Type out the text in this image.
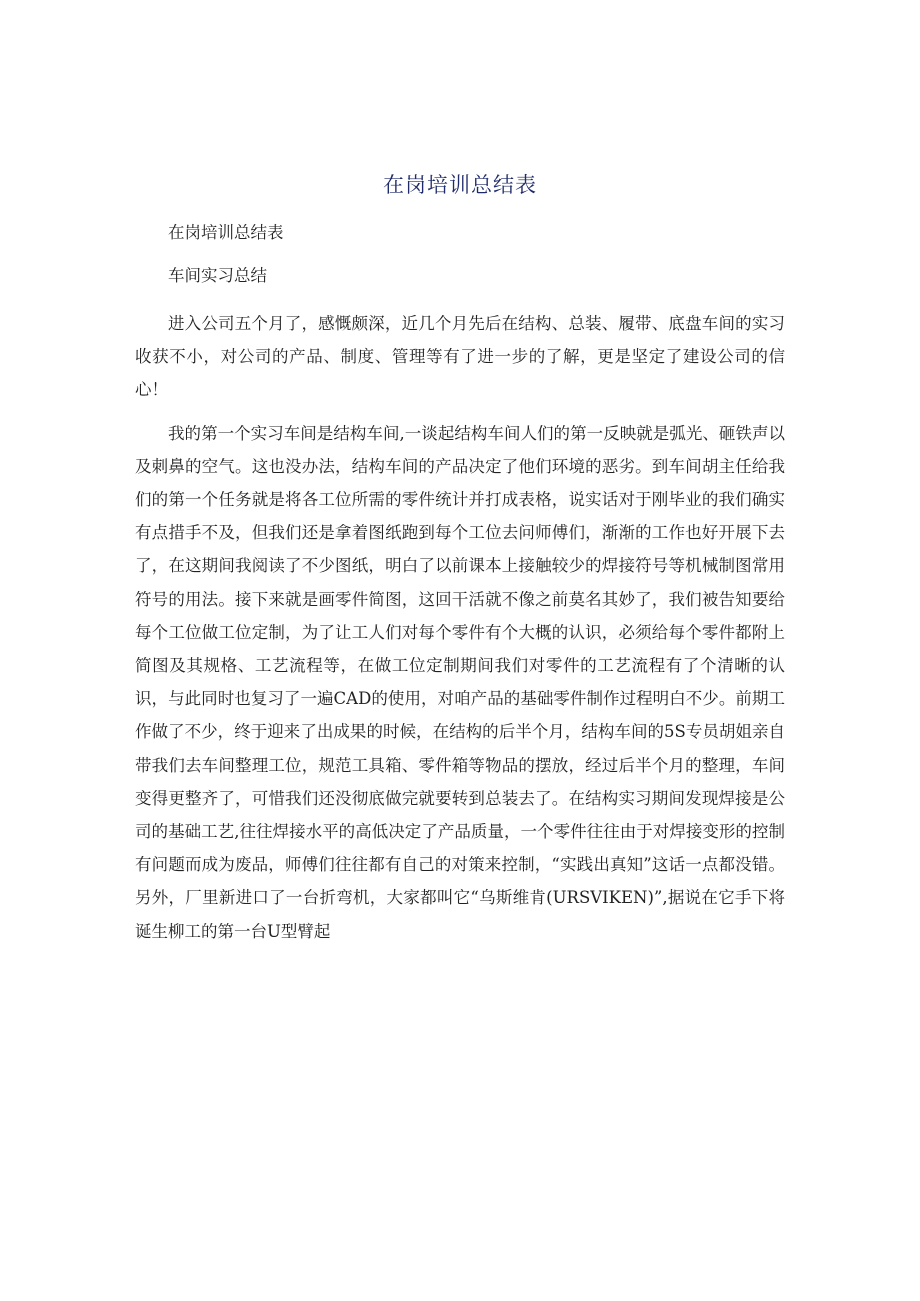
在岗培训总结表

在岗培训总结表

车间实习总结

进入公司五个月了，感慨颇深，近几个月先后在结构、总装、履带、底盘车间的实习收获不小，对公司的产品、制度、管理等有了进一步的了解，更是坚定了建设公司的信心！

我的第一个实习车间是结构车间,一谈起结构车间人们的第一反映就是弧光、砸铁声以及刺鼻的空气。这也没办法，结构车间的产品决定了他们环境的恶劣。到车间胡主任给我们的第一个任务就是将各工位所需的零件统计并打成表格，说实话对于刚毕业的我们确实有点措手不及，但我们还是拿着图纸跑到每个工位去问师傅们，渐渐的工作也好开展下去了，在这期间我阅读了不少图纸，明白了以前课本上接触较少的焊接符号等机械制图常用符号的用法。接下来就是画零件简图，这回干活就不像之前莫名其妙了，我们被告知要给每个工位做工位定制，为了让工人们对每个零件有个大概的认识，必须给每个零件都附上简图及其规格、工艺流程等，在做工位定制期间我们对零件的工艺流程有了个清晰的认识，与此同时也复习了一遍CAD的使用，对咱产品的基础零件制作过程明白不少。前期工作做了不少，终于迎来了出成果的时候，在结构的后半个月，结构车间的5S专员胡姐亲自带我们去车间整理工位，规范工具箱、零件箱等物品的摆放，经过后半个月的整理，车间变得更整齐了，可惜我们还没彻底做完就要转到总装去了。在结构实习期间发现焊接是公司的基础工艺,往往焊接水平的高低决定了产品质量，一个零件往往由于对焊接变形的控制有问题而成为废品，师傅们往往都有自己的对策来控制，“实践出真知”这话一点都没错。另外，厂里新进口了一台折弯机，大家都叫它“乌斯维肯(URSVIKEN)”,据说在它手下将诞生柳工的第一台U型臂起
